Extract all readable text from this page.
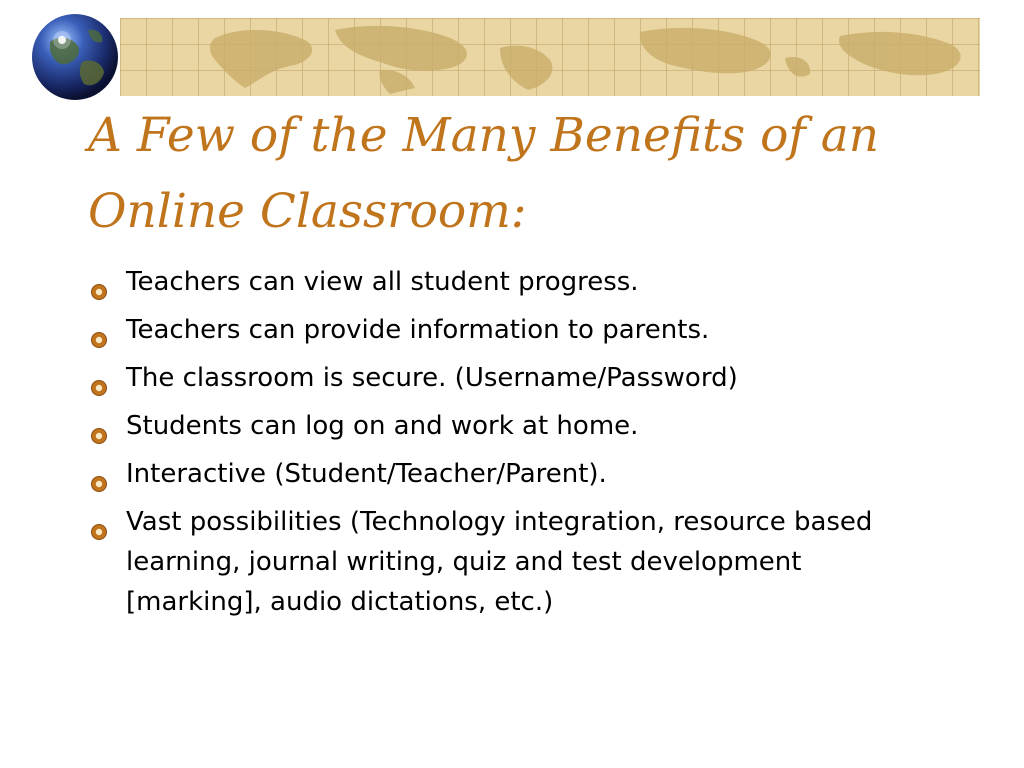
A Few of the Many Benefits of an Online Classroom:
Teachers can view all student progress.
Teachers can provide information to parents.
The classroom is secure. (Username/Password)
Students can log on and work at home.
Interactive (Student/Teacher/Parent).
Vast possibilities (Technology integration, resource based learning, journal writing, quiz and test development [marking], audio dictations, etc.)
